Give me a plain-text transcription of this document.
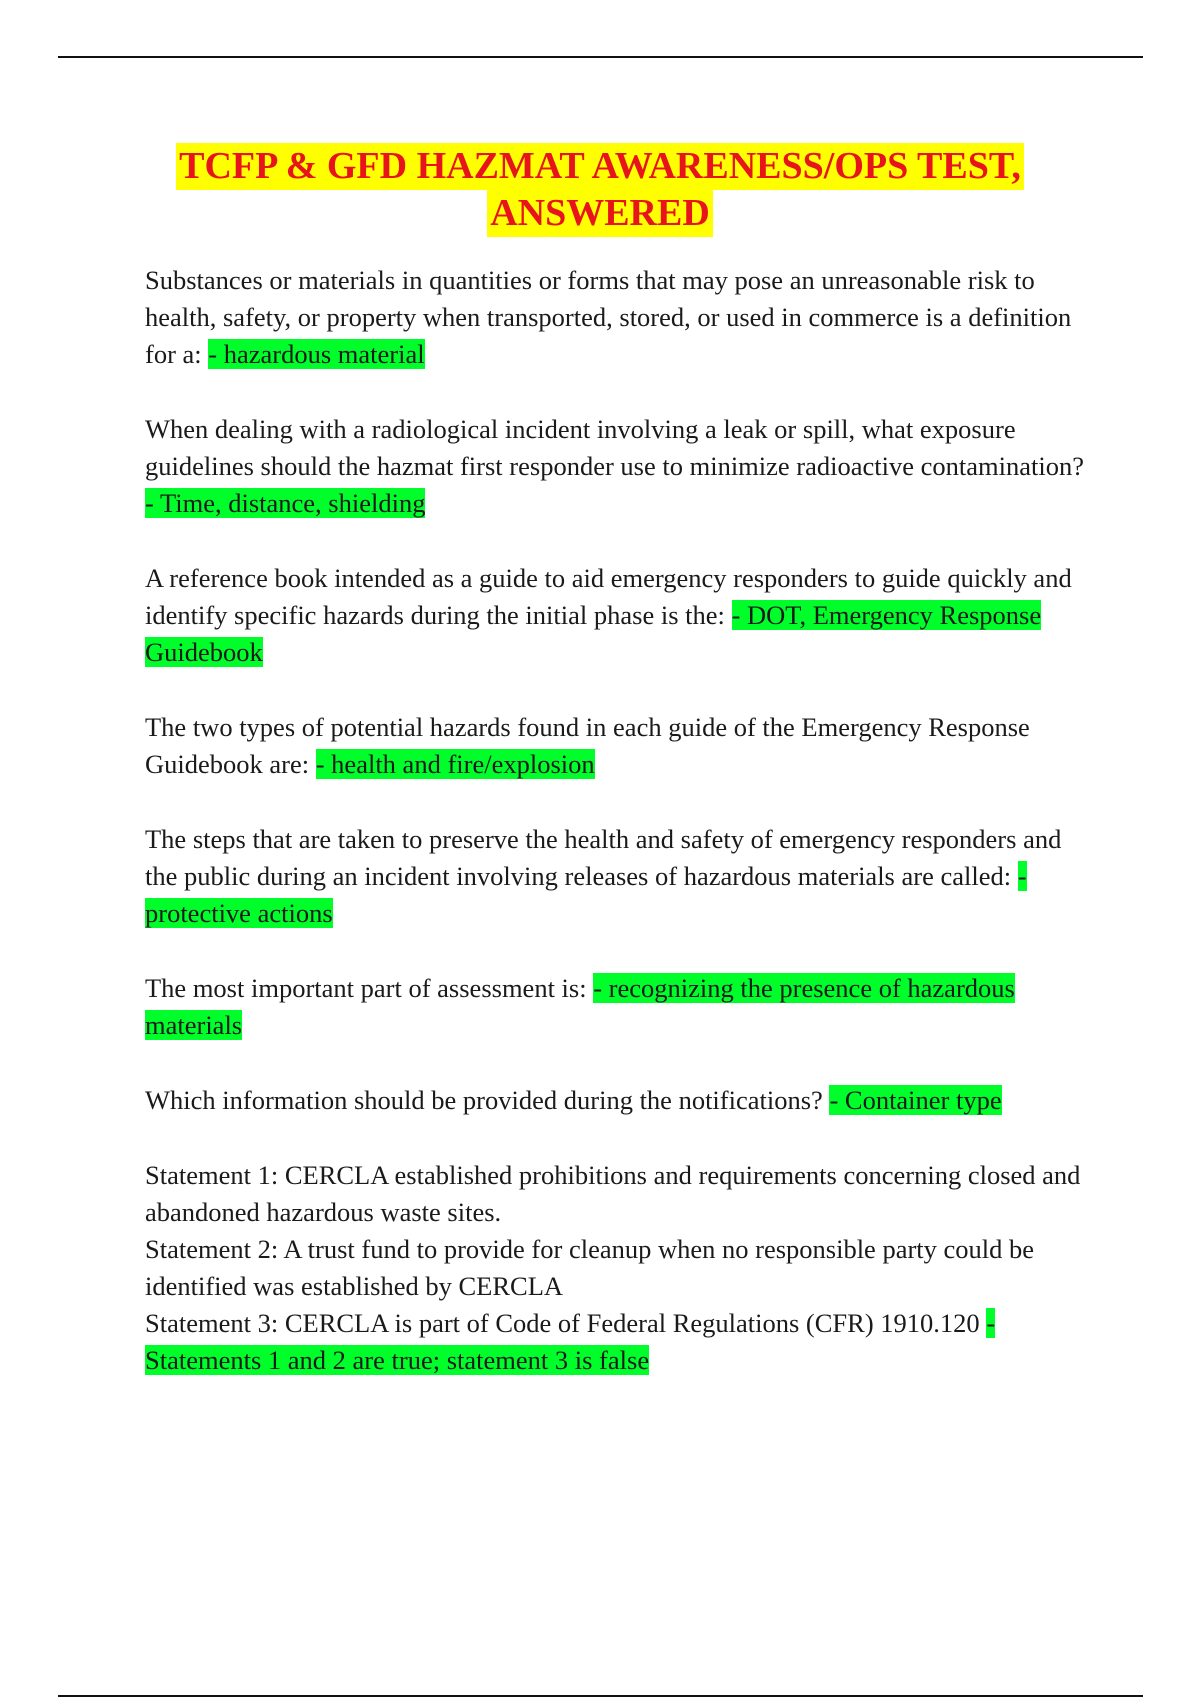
TCFP & GFD HAZMAT AWARENESS/OPS TEST,
ANSWERED

Substances or materials in quantities or forms that may pose an unreasonable risk to health, safety, or property when transported, stored, or used in commerce is a definition for a: - hazardous material

When dealing with a radiological incident involving a leak or spill, what exposure guidelines should the hazmat first responder use to minimize radioactive contamination? - Time, distance, shielding

A reference book intended as a guide to aid emergency responders to guide quickly and identify specific hazards during the initial phase is the: - DOT, Emergency Response Guidebook

The two types of potential hazards found in each guide of the Emergency Response Guidebook are: - health and fire/explosion

The steps that are taken to preserve the health and safety of emergency responders and the public during an incident involving releases of hazardous materials are called: - protective actions

The most important part of assessment is: - recognizing the presence of hazardous materials

Which information should be provided during the notifications? - Container type

Statement 1: CERCLA established prohibitions and requirements concerning closed and abandoned hazardous waste sites.
Statement 2: A trust fund to provide for cleanup when no responsible party could be identified was established by CERCLA
Statement 3: CERCLA is part of Code of Federal Regulations (CFR) 1910.120 - Statements 1 and 2 are true; statement 3 is false
